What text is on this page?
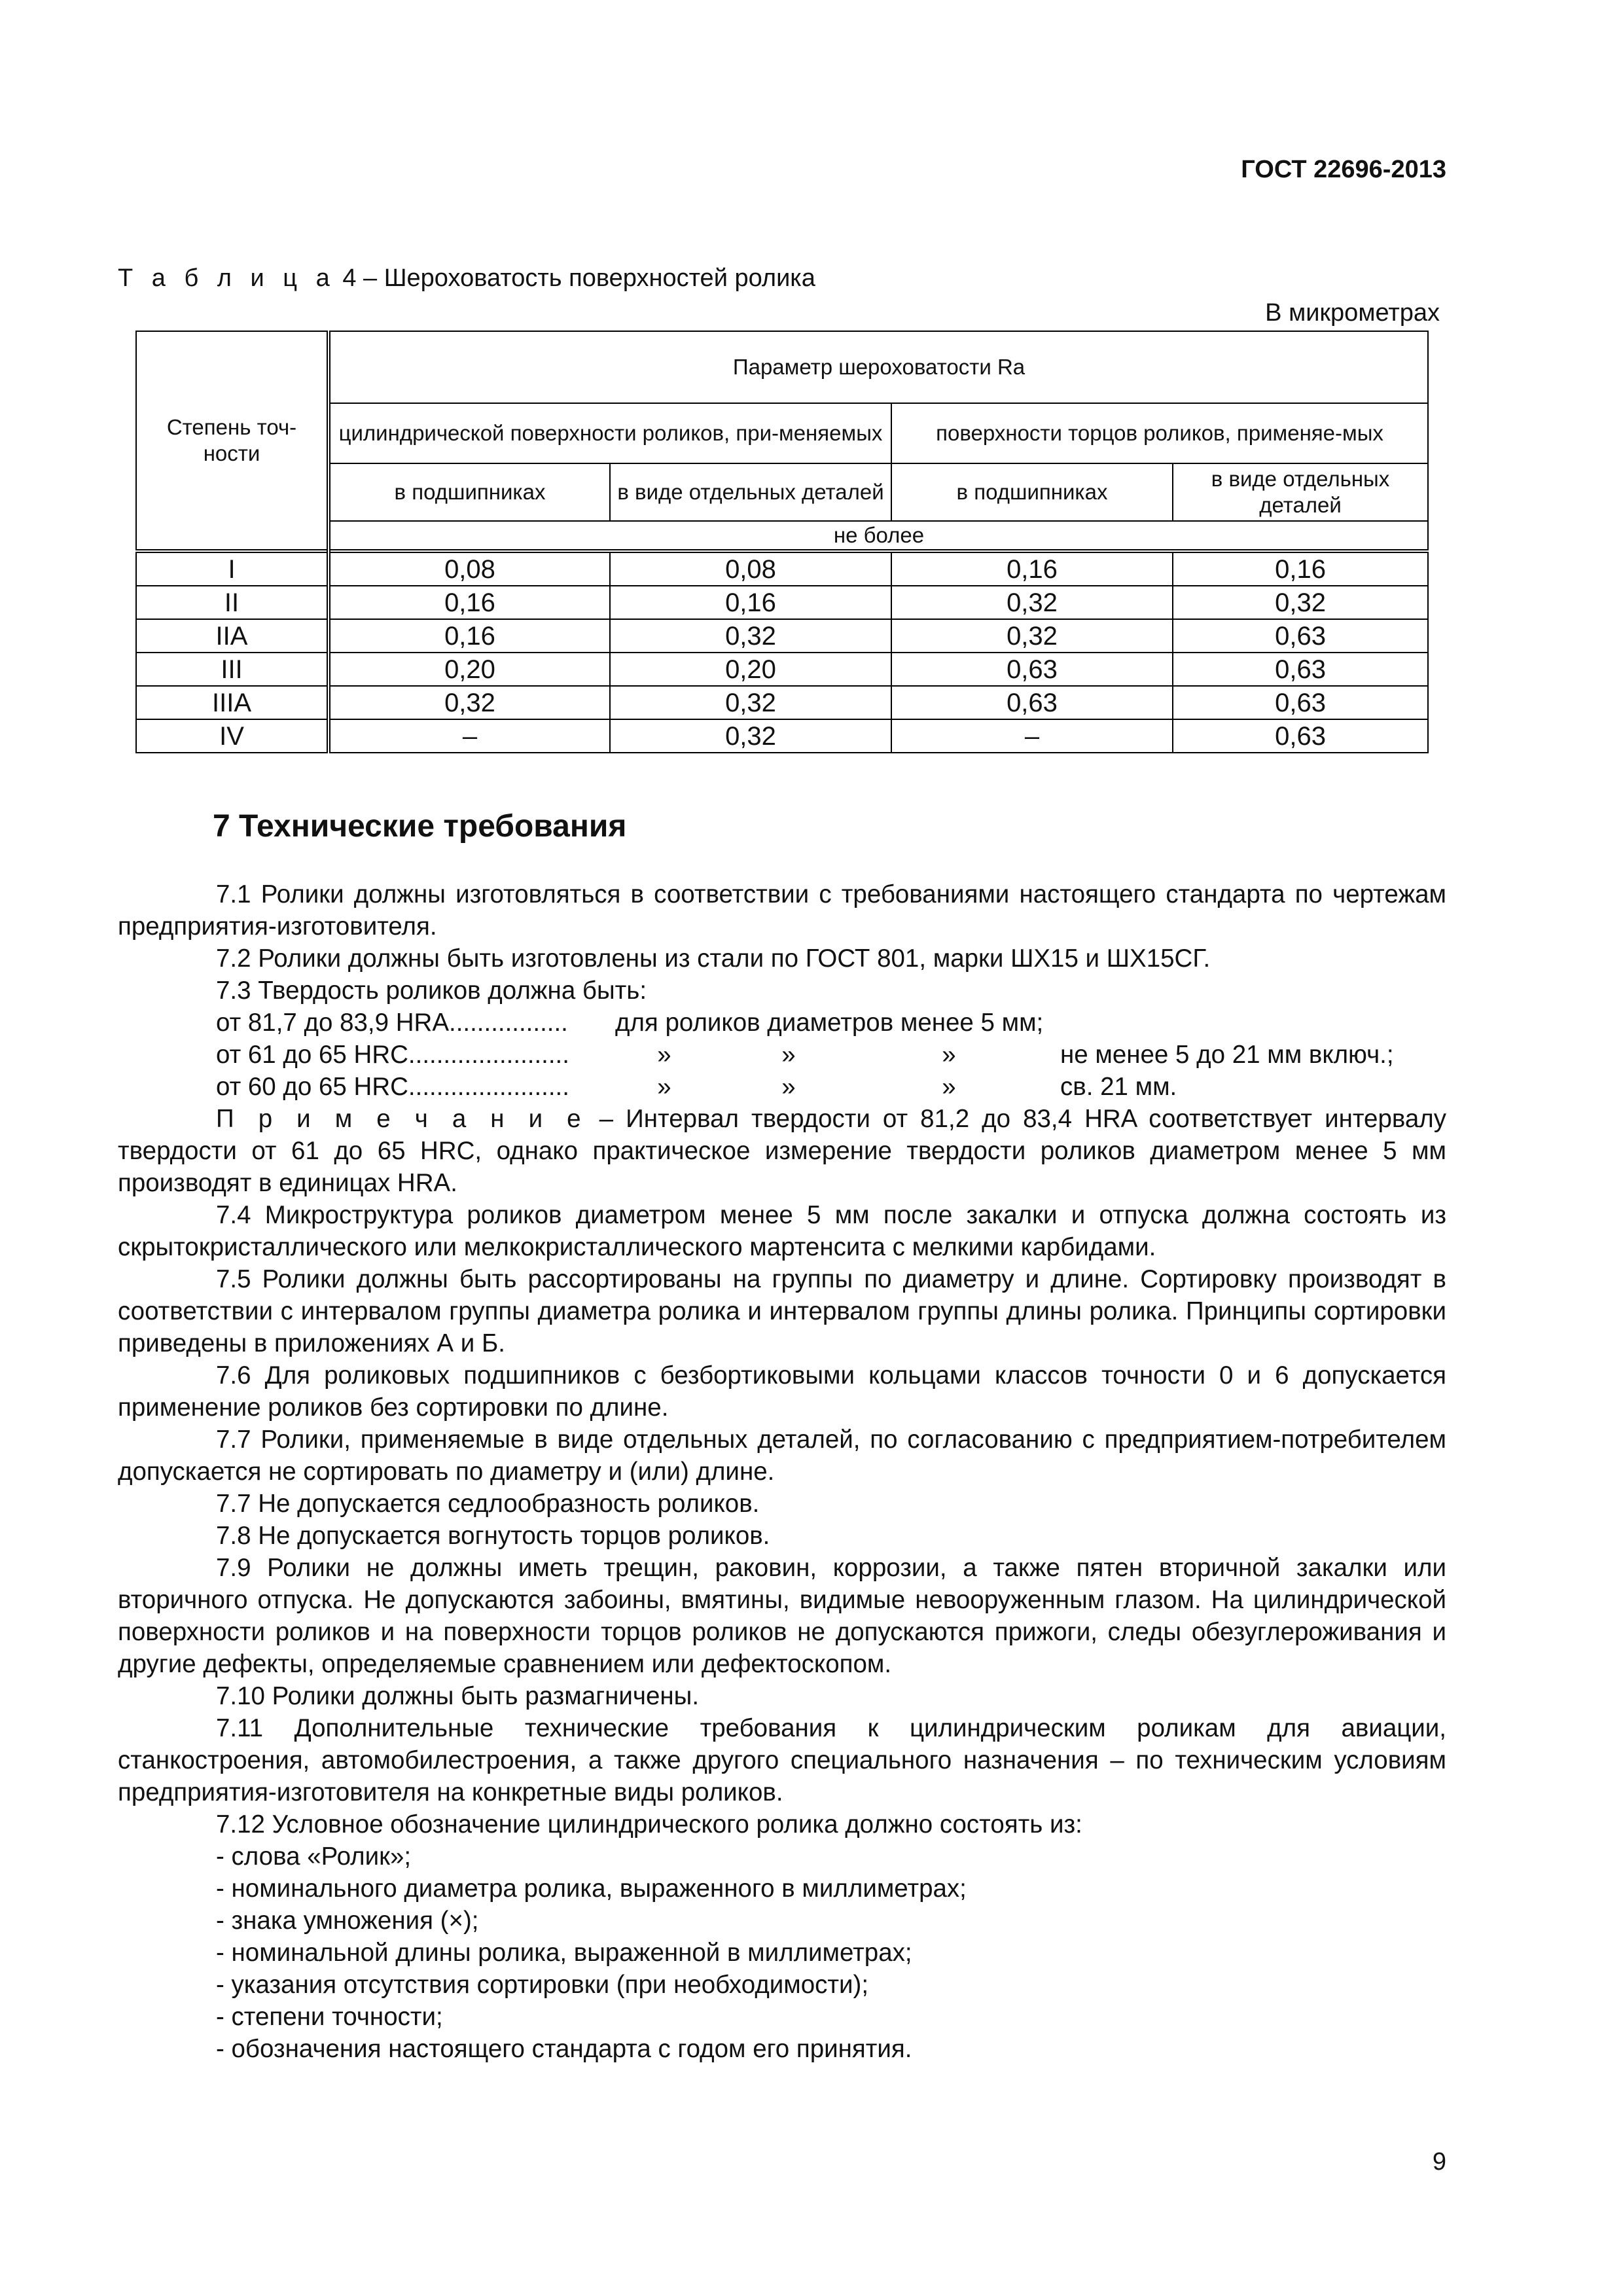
ГОСТ 22696-2013
Т а б л и ц а 4 – Шероховатость поверхностей ролика
В микрометрах
Степень точ-ности	Параметр шероховатости Ra			
	цилиндрической поверхности роликов, при-меняемых		поверхности торцов роликов, применяе-мых	
	в подшипниках	в виде отдельных деталей	в подшипниках	в виде отдельных деталей
	не более			
I	0,08	0,08	0,16	0,16
II	0,16	0,16	0,32	0,32
IIA	0,16	0,32	0,32	0,63
III	0,20	0,20	0,63	0,63
IIIA	0,32	0,32	0,63	0,63
IV	–	0,32	–	0,63
7 Технические требования

7.1 Ролики должны изготовляться в соответствии с требованиями настоящего стандарта по чертежам предприятия-изготовителя.

7.2 Ролики должны быть изготовлены из стали по ГОСТ 801, марки ШХ15 и ШХ15СГ.

7.3 Твердость роликов должна быть:

от 81,7 до 83,9 HRA.................	для роликов диаметров менее 5 мм;
от 61 до 65 HRC.......................	»	»	»	не менее 5 до 21 мм включ.;
от 60 до 65 HRC.......................	»	»	»	св. 21 мм.

П р и м е ч а н и е – Интервал твердости от 81,2 до 83,4 HRA соответствует интервалу твердости от 61 до 65 HRC, однако практическое измерение твердости роликов диаметром менее 5 мм производят в единицах HRA.

7.4 Микроструктура роликов диаметром менее 5 мм после закалки и отпуска должна состоять из скрытокристаллического или мелкокристаллического мартенсита с мелкими карбидами.

7.5 Ролики должны быть рассортированы на группы по диаметру и длине. Сортировку производят в соответствии с интервалом группы диаметра ролика и интервалом группы длины ролика. Принципы сортировки приведены в приложениях А и Б.

7.6 Для роликовых подшипников с безбортиковыми кольцами классов точности 0 и 6 допускается применение роликов без сортировки по длине.

7.7 Ролики, применяемые в виде отдельных деталей, по согласованию с предприятием-потребителем допускается не сортировать по диаметру и (или) длине.

7.7 Не допускается седлообразность роликов.

7.8 Не допускается вогнутость торцов роликов.

7.9 Ролики не должны иметь трещин, раковин, коррозии, а также пятен вторичной закалки или вторичного отпуска. Не допускаются забоины, вмятины, видимые невооруженным глазом. На цилиндрической поверхности роликов и на поверхности торцов роликов не допускаются прижоги, следы обезуглероживания и другие дефекты, определяемые сравнением или дефектоскопом.

7.10 Ролики должны быть размагничены.

7.11 Дополнительные технические требования к цилиндрическим роликам для авиации, станкостроения, автомобилестроения, а также другого специального назначения – по техническим условиям предприятия-изготовителя на конкретные виды роликов.

7.12 Условное обозначение цилиндрического ролика должно состоять из:

- слова «Ролик»;

- номинального диаметра ролика, выраженного в миллиметрах;

- знака умножения (×);

- номинальной длины ролика, выраженной в миллиметрах;

- указания отсутствия сортировки (при необходимости);

- степени точности;

- обозначения настоящего стандарта с годом его принятия.

9
